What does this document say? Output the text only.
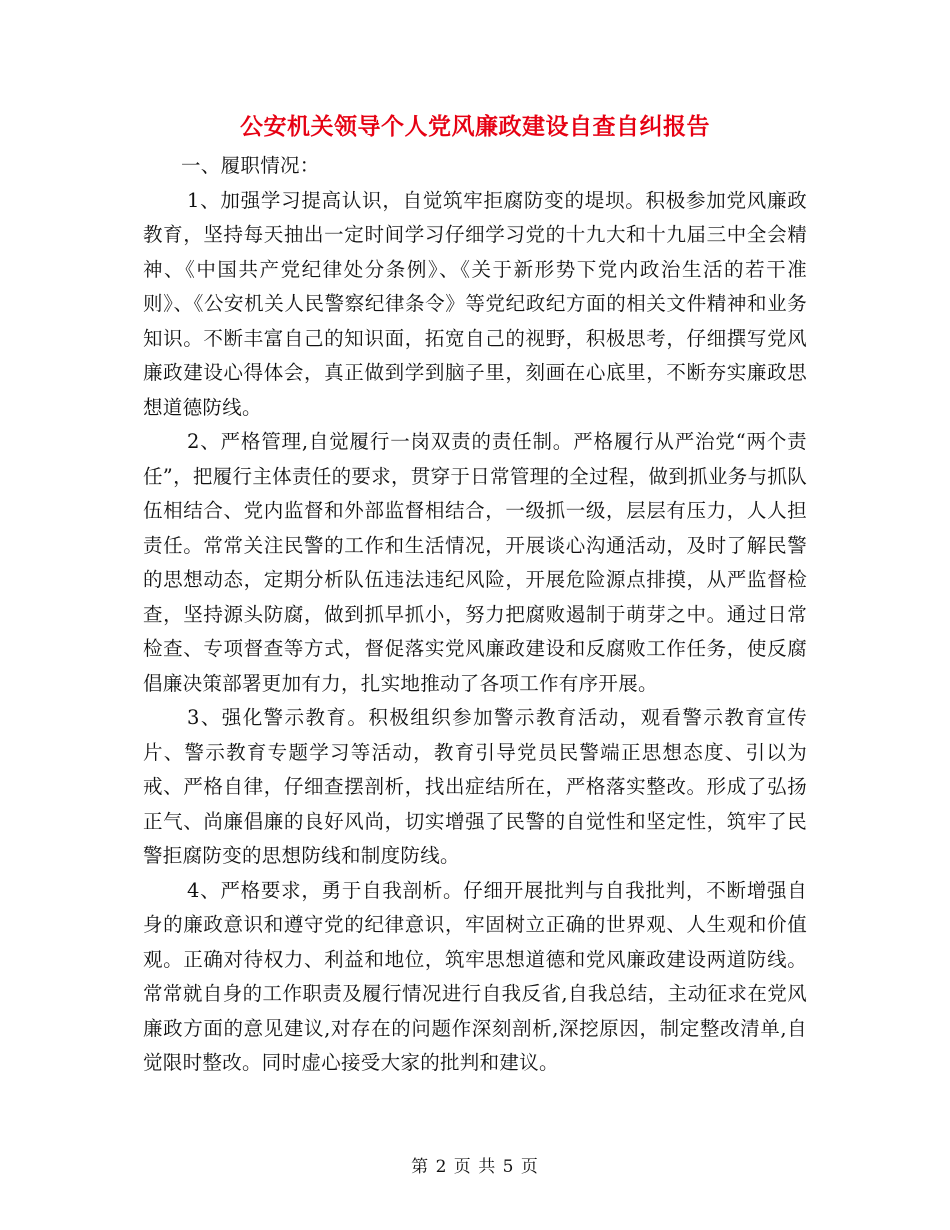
公安机关领导个人党风廉政建设自查自纠报告

一、履职情况：

1、加强学习提高认识，自觉筑牢拒腐防变的堤坝。积极参加党风廉政教育，坚持每天抽出一定时间学习仔细学习党的十九大和十九届三中全会精神、《中国共产党纪律处分条例》、《关于新形势下党内政治生活的若干准则》、《公安机关人民警察纪律条令》等党纪政纪方面的相关文件精神和业务知识。不断丰富自己的知识面，拓宽自己的视野，积极思考，仔细撰写党风廉政建设心得体会，真正做到学到脑子里，刻画在心底里，不断夯实廉政思想道德防线。

2、严格管理,自觉履行一岗双责的责任制。严格履行从严治党“两个责任”，把履行主体责任的要求，贯穿于日常管理的全过程，做到抓业务与抓队伍相结合、党内监督和外部监督相结合，一级抓一级，层层有压力，人人担责任。常常关注民警的工作和生活情况，开展谈心沟通活动，及时了解民警的思想动态，定期分析队伍违法违纪风险，开展危险源点排摸，从严监督检查，坚持源头防腐，做到抓早抓小，努力把腐败遏制于萌芽之中。通过日常检查、专项督查等方式，督促落实党风廉政建设和反腐败工作任务，使反腐倡廉决策部署更加有力，扎实地推动了各项工作有序开展。

3、强化警示教育。积极组织参加警示教育活动，观看警示教育宣传片、警示教育专题学习等活动，教育引导党员民警端正思想态度、引以为戒、严格自律，仔细查摆剖析，找出症结所在，严格落实整改。形成了弘扬正气、尚廉倡廉的良好风尚，切实增强了民警的自觉性和坚定性，筑牢了民警拒腐防变的思想防线和制度防线。

4、严格要求，勇于自我剖析。仔细开展批判与自我批判，不断增强自身的廉政意识和遵守党的纪律意识，牢固树立正确的世界观、人生观和价值观。正确对待权力、利益和地位，筑牢思想道德和党风廉政建设两道防线。常常就自身的工作职责及履行情况进行自我反省,自我总结，主动征求在党风廉政方面的意见建议,对存在的问题作深刻剖析,深挖原因，制定整改清单,自觉限时整改。同时虚心接受大家的批判和建议。

第 2 页 共 5 页
